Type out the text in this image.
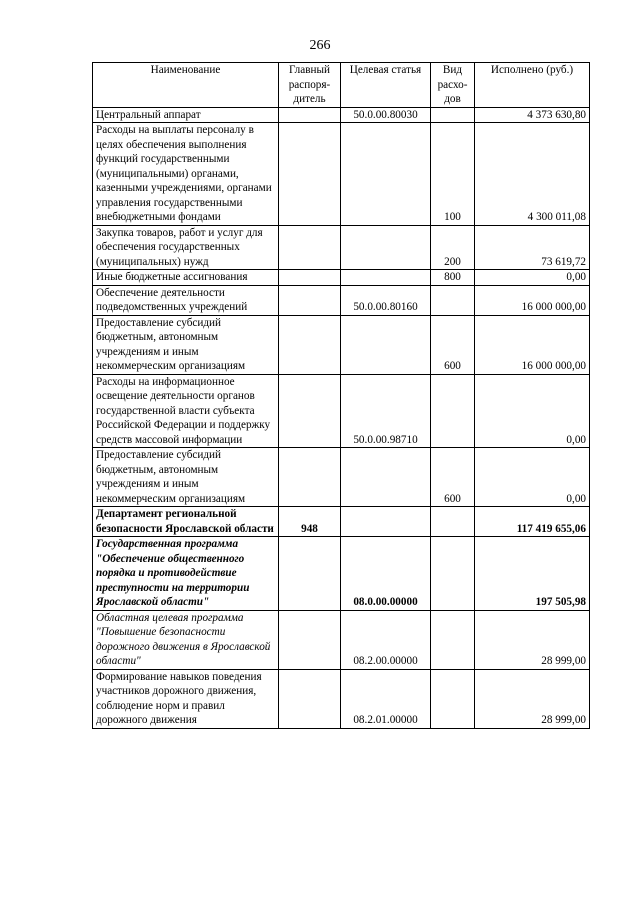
266
Наименование	Главный распоря-дитель	Целевая статья	Вид расхо-дов	Исполнено (руб.)
Центральный аппарат		50.0.00.80030		4 373 630,80
Расходы на выплаты персоналу в целях обеспечения выполнения функций государственными (муниципальными) органами, казенными учреждениями, органами управления государственными внебюджетными фондами			100	4 300 011,08
Закупка товаров, работ и услуг для обеспечения государственных (муниципальных) нужд			200	73 619,72
Иные бюджетные ассигнования			800	0,00
Обеспечение деятельности подведомственных учреждений		50.0.00.80160		16 000 000,00
Предоставление субсидий бюджетным, автономным учреждениям и иным некоммерческим организациям			600	16 000 000,00
Расходы на информационное освещение деятельности органов государственной власти субъекта Российской Федерации и поддержку средств массовой информации		50.0.00.98710		0,00
Предоставление субсидий бюджетным, автономным учреждениям и иным некоммерческим организациям			600	0,00
Департамент региональной безопасности Ярославской области	948			117 419 655,06
Государственная программа "Обеспечение общественного порядка и противодействие преступности на территории Ярославской области"		08.0.00.00000		197 505,98
Областная целевая программа "Повышение безопасности дорожного движения в Ярославской области"		08.2.00.00000		28 999,00
Формирование навыков поведения участников дорожного движения, соблюдение норм и правил дорожного движения		08.2.01.00000		28 999,00
